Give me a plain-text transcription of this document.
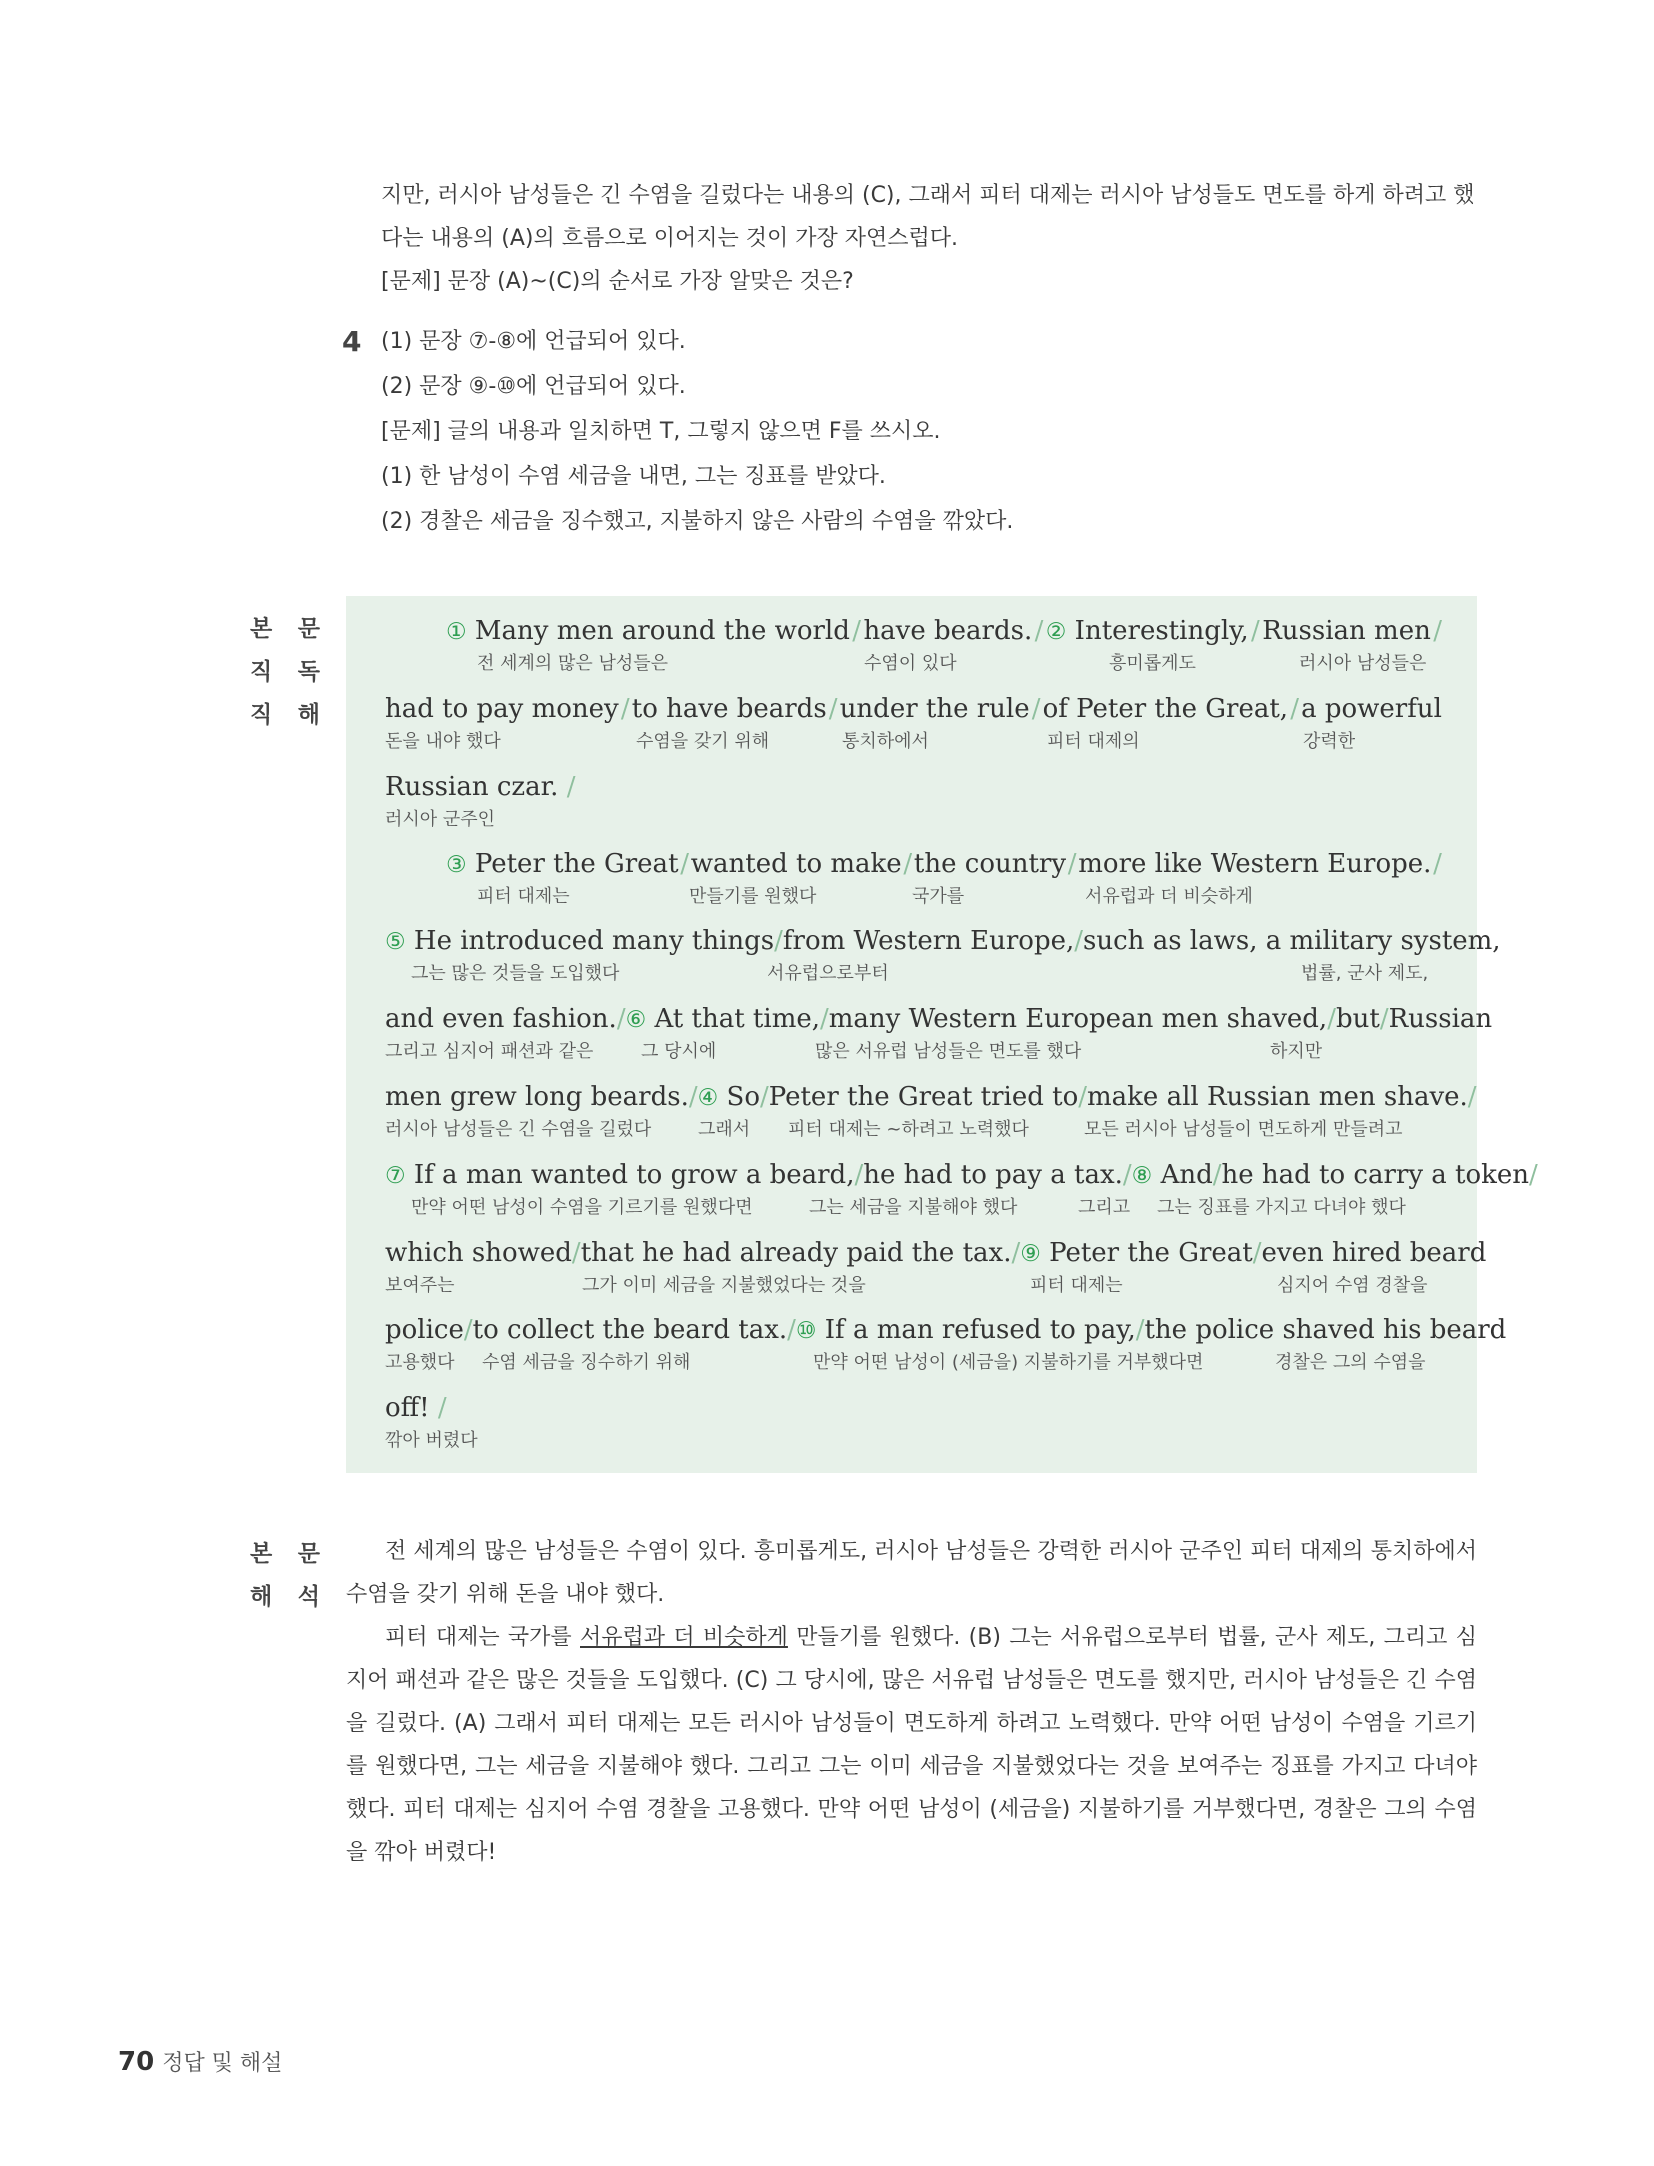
지만, 러시아 남성들은 긴 수염을 길렀다는 내용의 (C), 그래서 피터 대제는 러시아 남성들도 면도를 하게 하려고 했

다는 내용의 (A)의 흐름으로 이어지는 것이 가장 자연스럽다.

[문제] 문장 (A)~(C)의 순서로 가장 알맞은 것은?

4 (1) 문장 ⑦-⑧에 언급되어 있다.

(2) 문장 ⑨-⑩에 언급되어 있다.

[문제] 글의 내용과 일치하면 T, 그렇지 않으면 F를 쓰시오.

(1) 한 남성이 수염 세금을 내면, 그는 징표를 받았다.

(2) 경찰은 세금을 징수했고, 지불하지 않은 사람의 수염을 깎았다.

본 문
직 독
직 해
① Many men around the world / have beards. / ② Interestingly, / Russian men /
전 세계의 많은 남성들은	수염이 있다	흥미롭게도	러시아 남성들은
had to pay money / to have beards / under the rule / of Peter the Great, / a powerful
돈을 내야 했다	수염을 갖기 위해	통치하에서	피터 대제의	강력한
Russian czar.
/
러시아 군주인
③ Peter the Great / wanted to make / the country / more like Western Europe. /
피터 대제는	만들기를 원했다	국가를	서유럽과 더 비슷하게
⑤ He introduced many things / from Western Europe, / such as laws, a military system,
그는 많은 것들을 도입했다	서유럽으로부터	법률, 군사 제도,
and even fashion. / ⑥ At that time, / many Western European men shaved, / but / Russian
그리고 심지어 패션과 같은	그 당시에	많은 서유럽 남성들은 면도를 했다	하지만
men grew long beards. / ④ So / Peter the Great tried to / make all Russian men shave. /
러시아 남성들은 긴 수염을 길렀다	그래서 피터 대제는 ~하려고 노력했다	모든 러시아 남성들이 면도하게 만들려고
⑦ If a man wanted to grow a beard, / he had to pay a tax. / ⑧ And / he had to carry a token /
만약 어떤 남성이 수염을 기르기를 원했다면	그는 세금을 지불해야 했다	그리고 그는 징표를 가지고 다녀야 했다
which showed / that he had already paid the tax. / ⑨ Peter the Great / even hired beard
보여주는	그가 이미 세금을 지불했었다는 것을	피터 대제는	심지어 수염 경찰을
police / to collect the beard tax. / ⑩ If a man refused to pay, / the police shaved his beard
고용했다 수염 세금을 징수하기 위해	만약 어떤 남성이 (세금을) 지불하기를 거부했다면	경찰은 그의 수염을
off!
/
깎아 버렸다
본 문
해 석

전 세계의 많은 남성들은 수염이 있다. 흥미롭게도, 러시아 남성들은 강력한 러시아 군주인 피터 대제의 통치하에서 수염을 갖기 위해 돈을 내야 했다.

피터 대제는 국가를 서유럽과 더 비슷하게 만들기를 원했다. (B) 그는 서유럽으로부터 법률, 군사 제도, 그리고 심지어 패션과 같은 많은 것들을 도입했다. (C) 그 당시에, 많은 서유럽 남성들은 면도를 했지만, 러시아 남성들은 긴 수염을 길렀다. (A) 그래서 피터 대제는 모든 러시아 남성들이 면도하게 하려고 노력했다. 만약 어떤 남성이 수염을 기르기를 원했다면, 그는 세금을 지불해야 했다. 그리고 그는 이미 세금을 지불했었다는 것을 보여주는 징표를 가지고 다녀야 했다. 피터 대제는 심지어 수염 경찰을 고용했다. 만약 어떤 남성이 (세금을) 지불하기를 거부했다면, 경찰은 그의 수염을 깎아 버렸다!

70 정답 및 해설
